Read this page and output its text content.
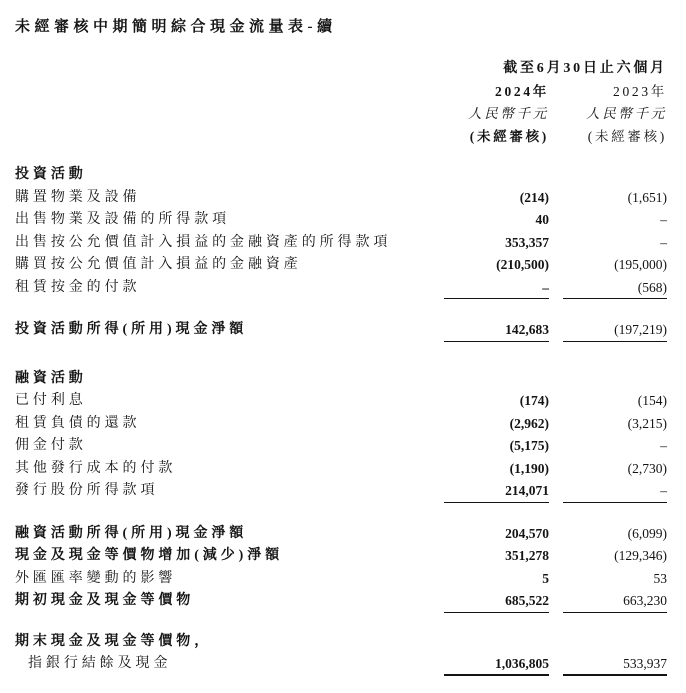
未經審核中期簡明綜合現金流量表-續
截至6月30日止六個月
2024年	2023年
人民幣千元	人民幣千元
(未經審核)	(未經審核)
投資活動
購置物業及設備	(214)	(1,651)
出售物業及設備的所得款項	40	–
出售按公允價值計入損益的金融資產的所得款項	353,357	–
購買按公允價值計入損益的金融資產	(210,500)	(195,000)
租賃按金的付款	–	(568)
投資活動所得(所用)現金淨額	142,683	(197,219)
融資活動
已付利息	(174)	(154)
租賃負債的還款	(2,962)	(3,215)
佣金付款	(5,175)	–
其他發行成本的付款	(1,190)	(2,730)
發行股份所得款項	214,071	–
融資活動所得(所用)現金淨額	204,570	(6,099)
現金及現金等價物增加(減少)淨額	351,278	(129,346)
外匯匯率變動的影響	5	53
期初現金及現金等價物	685,522	663,230
期末現金及現金等價物，
指銀行結餘及現金	1,036,805	533,937
